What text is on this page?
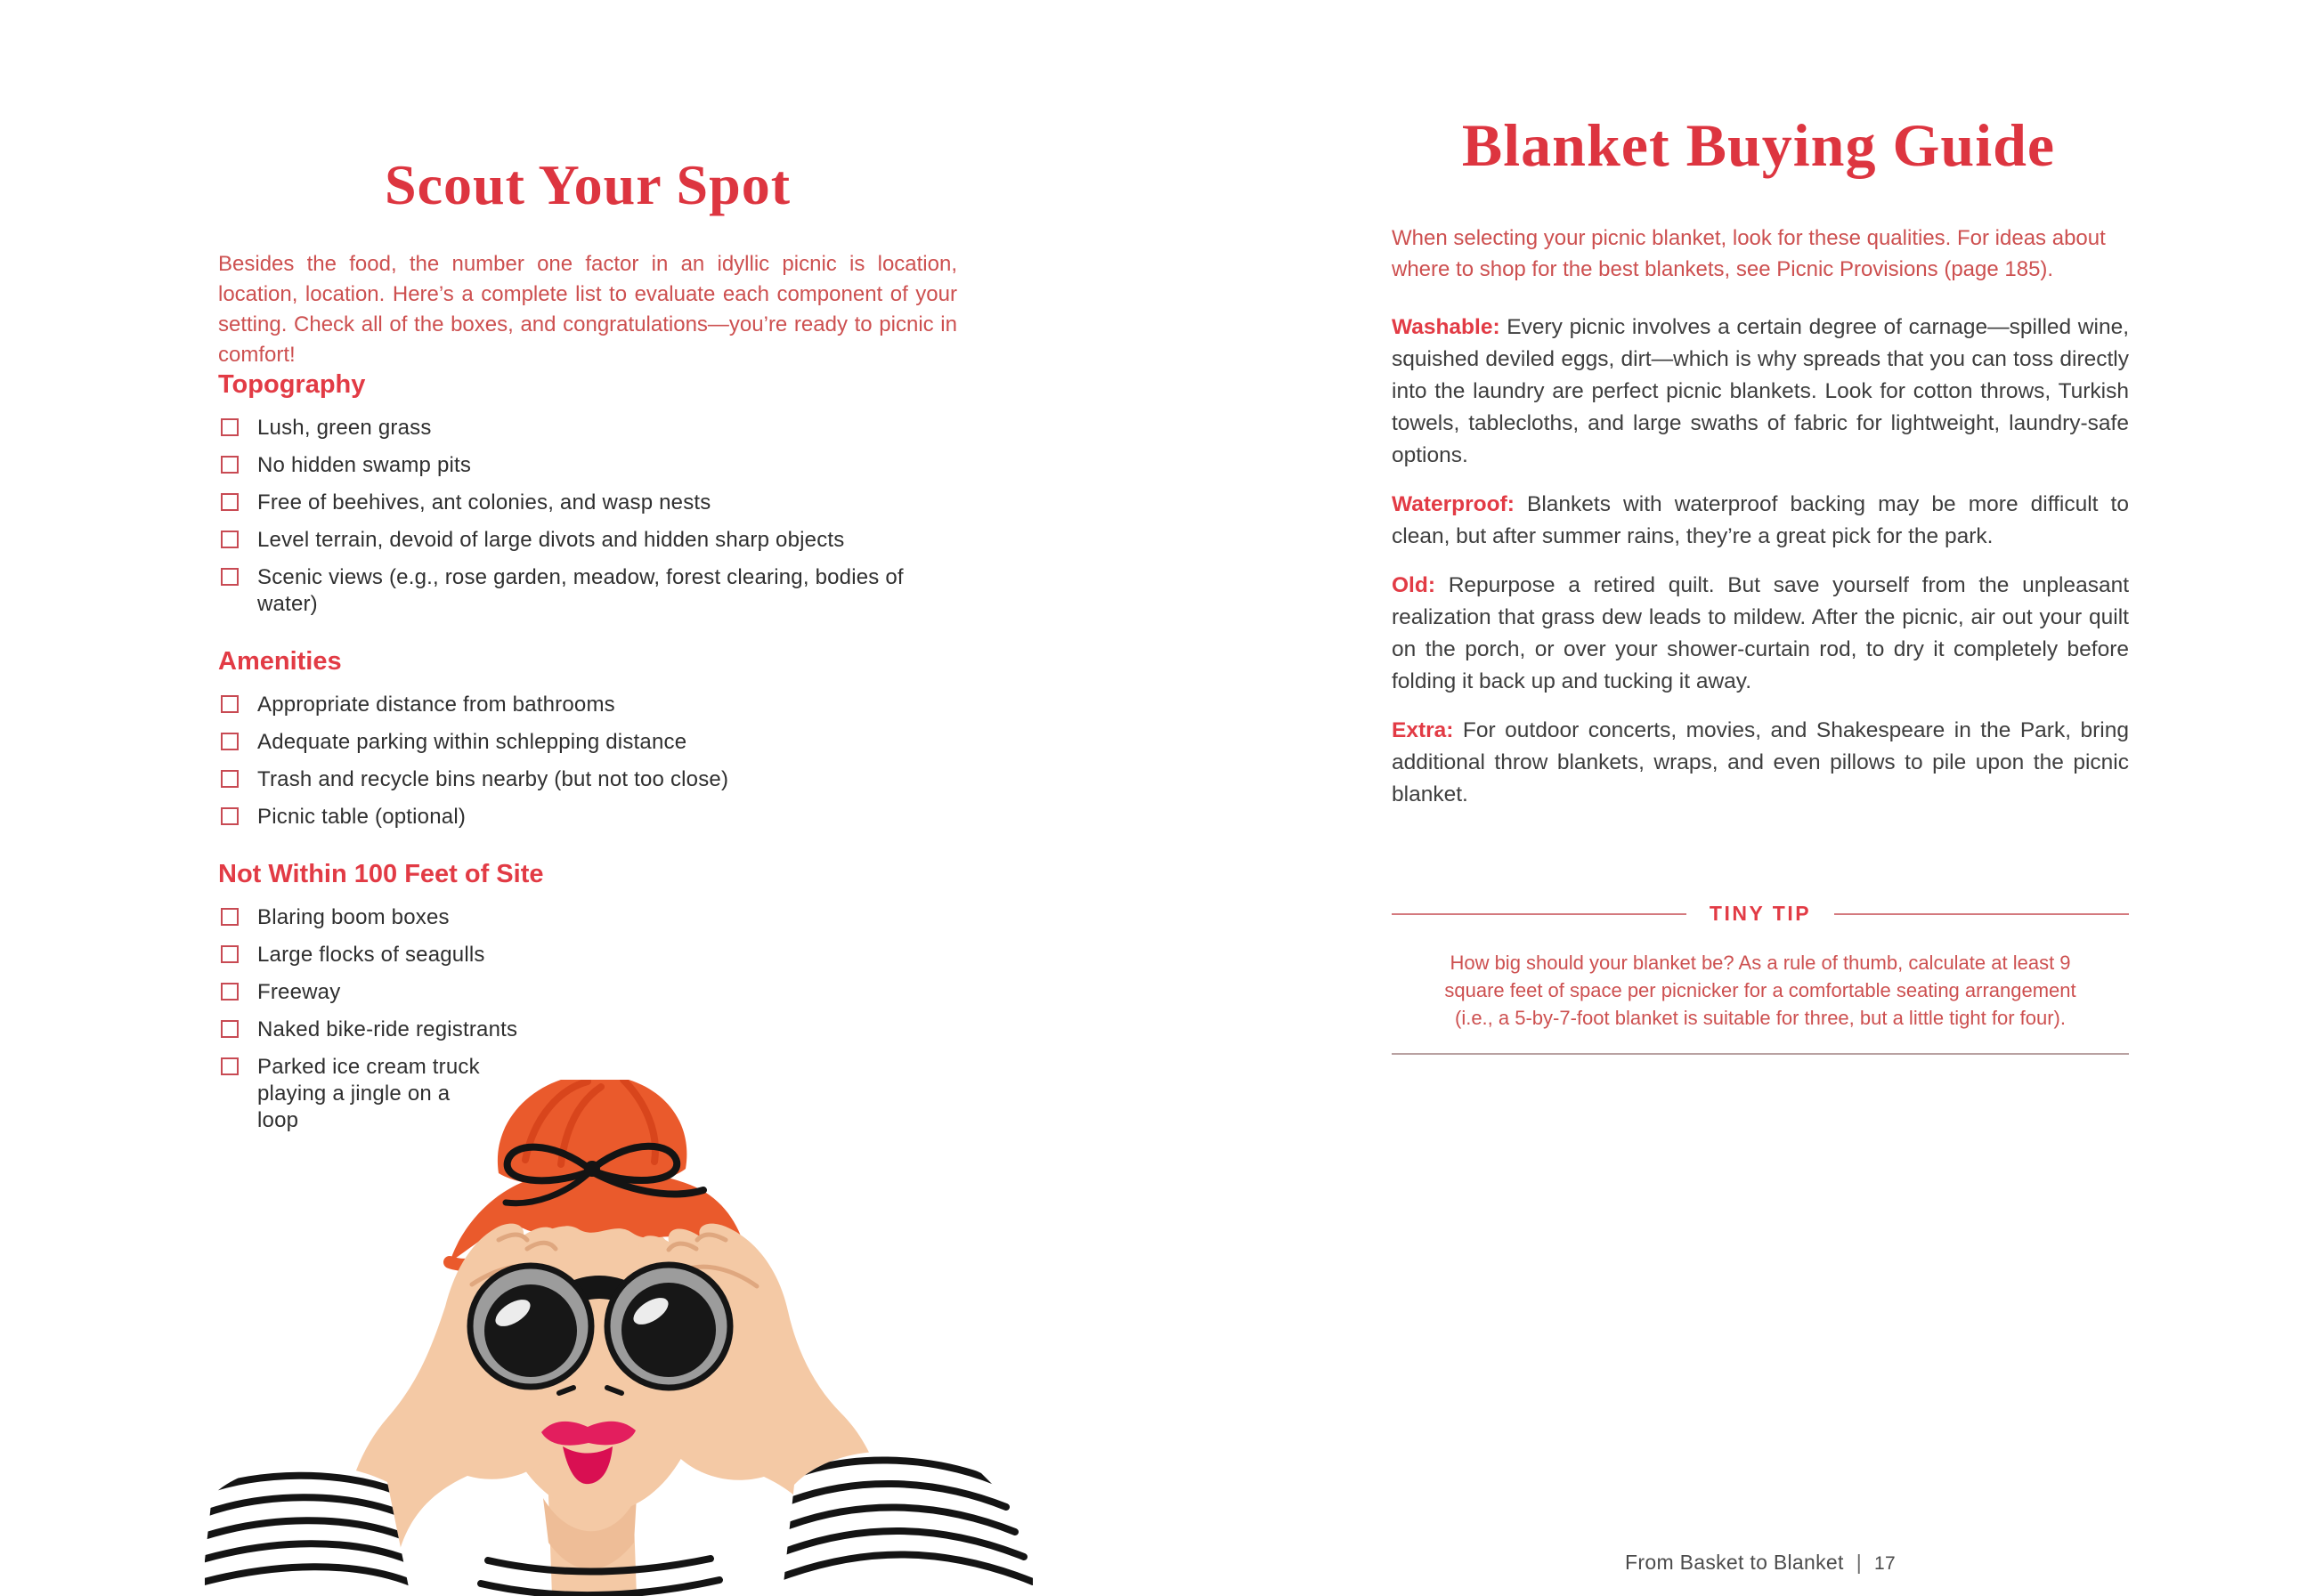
Scout Your Spot

Besides the food, the number one factor in an idyllic picnic is location, location, location. Here’s a complete list to evaluate each component of your setting. Check all of the boxes, and congratulations—you’re ready to picnic in comfort!

Topography
Lush, green grass
No hidden swamp pits
Free of beehives, ant colonies, and wasp nests
Level terrain, devoid of large divots and hidden sharp objects
Scenic views (e.g., rose garden, meadow, forest clearing, bodies of water)
Amenities
Appropriate distance from bathrooms
Adequate parking within schlepping distance
Trash and recycle bins nearby (but not too close)
Picnic table (optional)
Not Within 100 Feet of Site
Blaring boom boxes
Large flocks of seagulls
Freeway
Naked bike-ride registrants
Parked ice cream truck playing a jingle on a loop
Blanket Buying Guide

When selecting your picnic blanket, look for these qualities. For ideas about where to shop for the best blankets, see Picnic Provisions (page 185).

Washable: Every picnic involves a certain degree of carnage—spilled wine, squished deviled eggs, dirt—which is why spreads that you can toss directly into the laundry are perfect picnic blankets. Look for cotton throws, Turkish towels, tablecloths, and large swaths of fabric for lightweight, laundry-safe options.

Waterproof: Blankets with waterproof backing may be more difficult to clean, but after summer rains, they’re a great pick for the park.

Old: Repurpose a retired quilt. But save yourself from the unpleasant realization that grass dew leads to mildew. After the picnic, air out your quilt on the porch, or over your shower-curtain rod, to dry it completely before folding it back up and tucking it away.

Extra: For outdoor concerts, movies, and Shakespeare in the Park, bring additional throw blankets, wraps, and even pillows to pile upon the picnic blanket.

TINY TIP
How big should your blanket be? As a rule of thumb, calculate at least 9 square feet of space per picnicker for a comfortable seating arrangement (i.e., a 5-by-7-foot blanket is suitable for three, but a little tight for four).
From Basket to Blanket | 17
